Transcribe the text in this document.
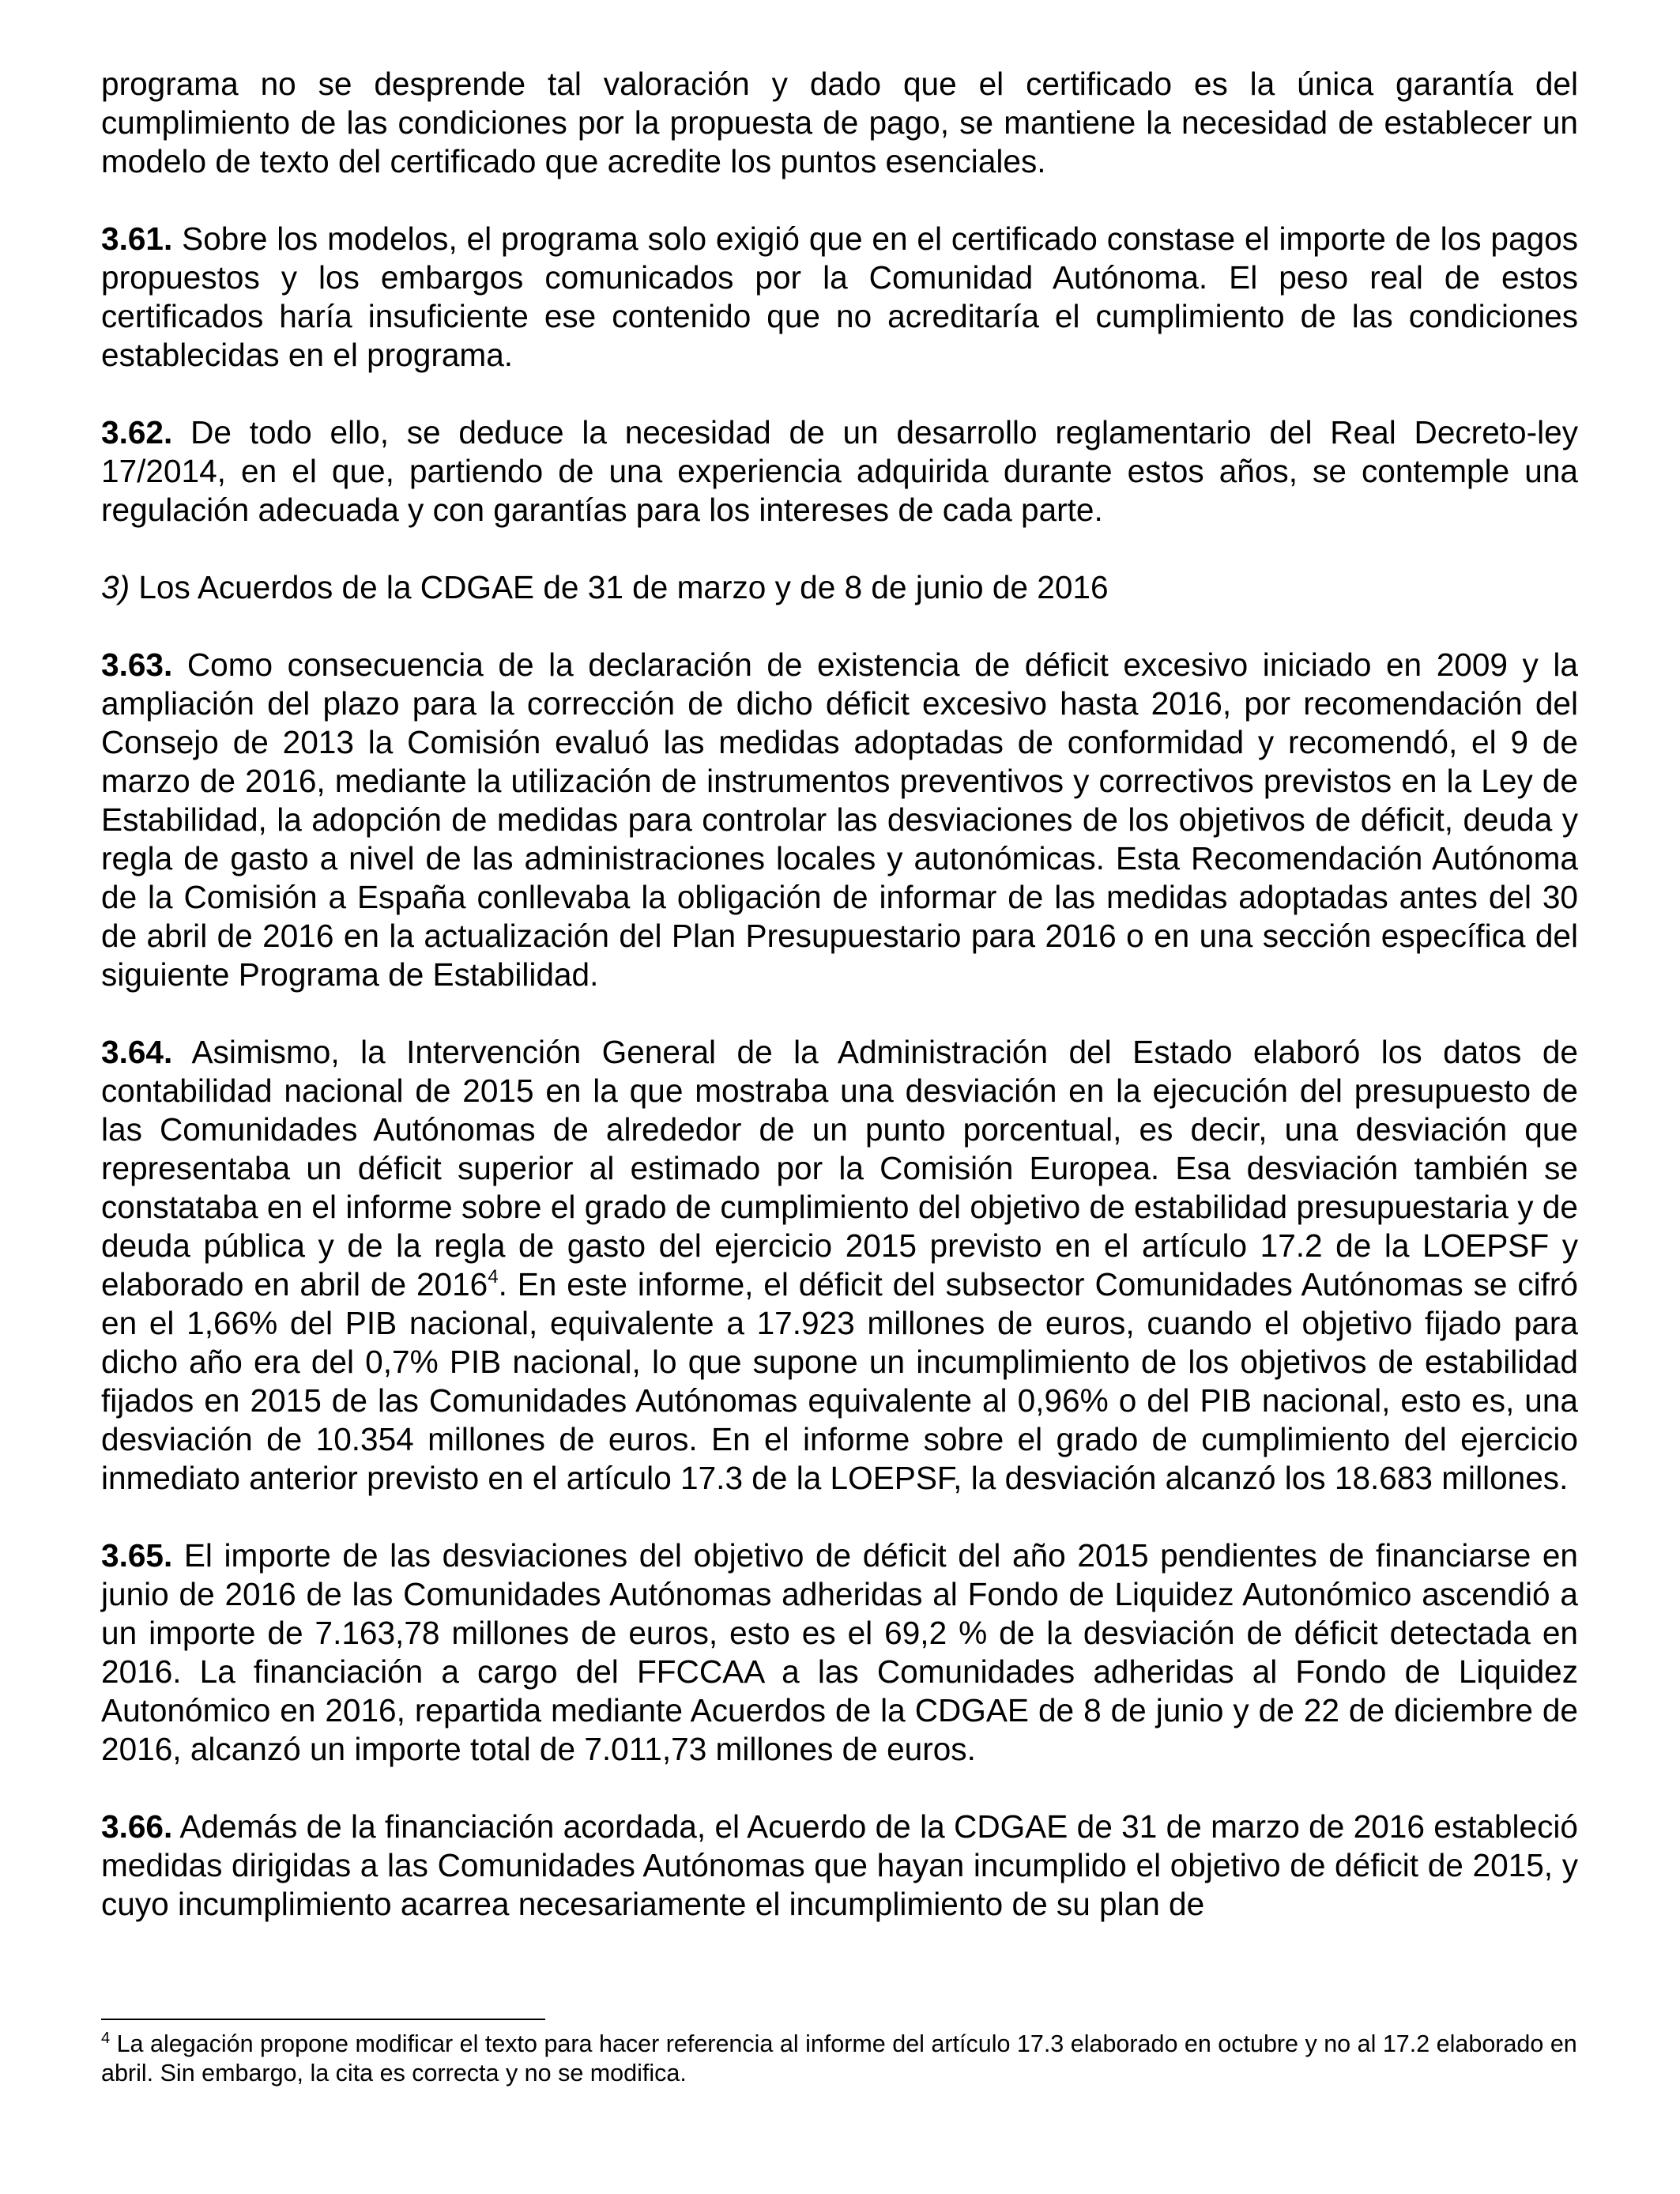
programa no se desprende tal valoración y dado que el certificado es la única garantía del cumplimiento de las condiciones por la propuesta de pago, se mantiene la necesidad de establecer un modelo de texto del certificado que acredite los puntos esenciales.

3.61. Sobre los modelos, el programa solo exigió que en el certificado constase el importe de los pagos propuestos y los embargos comunicados por la Comunidad Autónoma. El peso real de estos certificados haría insuficiente ese contenido que no acreditaría el cumplimiento de las condiciones establecidas en el programa.

3.62. De todo ello, se deduce la necesidad de un desarrollo reglamentario del Real Decreto-ley 17/2014, en el que, partiendo de una experiencia adquirida durante estos años, se contemple una regulación adecuada y con garantías para los intereses de cada parte.

3) Los Acuerdos de la CDGAE de 31 de marzo y de 8 de junio de 2016

3.63. Como consecuencia de la declaración de existencia de déficit excesivo iniciado en 2009 y la ampliación del plazo para la corrección de dicho déficit excesivo hasta 2016, por recomendación del Consejo de 2013 la Comisión evaluó las medidas adoptadas de conformidad y recomendó, el 9 de marzo de 2016, mediante la utilización de instrumentos preventivos y correctivos previstos en la Ley de Estabilidad, la adopción de medidas para controlar las desviaciones de los objetivos de déficit, deuda y regla de gasto a nivel de las administraciones locales y autonómicas. Esta Recomendación Autónoma de la Comisión a España conllevaba la obligación de informar de las medidas adoptadas antes del 30 de abril de 2016 en la actualización del Plan Presupuestario para 2016 o en una sección específica del siguiente Programa de Estabilidad.

3.64. Asimismo, la Intervención General de la Administración del Estado elaboró los datos de contabilidad nacional de 2015 en la que mostraba una desviación en la ejecución del presupuesto de las Comunidades Autónomas de alrededor de un punto porcentual, es decir, una desviación que representaba un déficit superior al estimado por la Comisión Europea. Esa desviación también se constataba en el informe sobre el grado de cumplimiento del objetivo de estabilidad presupuestaria y de deuda pública y de la regla de gasto del ejercicio 2015 previsto en el artículo 17.2 de la LOEPSF y elaborado en abril de 2016$^4$. En este informe, el déficit del subsector Comunidades Autónomas se cifró en el 1,66% del PIB nacional, equivalente a 17.923 millones de euros, cuando el objetivo fijado para dicho año era del 0,7% PIB nacional, lo que supone un incumplimiento de los objetivos de estabilidad fijados en 2015 de las Comunidades Autónomas equivalente al 0,96% o del PIB nacional, esto es, una desviación de 10.354 millones de euros. En el informe sobre el grado de cumplimiento del ejercicio inmediato anterior previsto en el artículo 17.3 de la LOEPSF, la desviación alcanzó los 18.683 millones.

3.65. El importe de las desviaciones del objetivo de déficit del año 2015 pendientes de financiarse en junio de 2016 de las Comunidades Autónomas adheridas al Fondo de Liquidez Autonómico ascendió a un importe de 7.163,78 millones de euros, esto es el 69,2 % de la desviación de déficit detectada en 2016. La financiación a cargo del FFCCAA a las Comunidades adheridas al Fondo de Liquidez Autonómico en 2016, repartida mediante Acuerdos de la CDGAE de 8 de junio y de 22 de diciembre de 2016, alcanzó un importe total de 7.011,73 millones de euros.

3.66. Además de la financiación acordada, el Acuerdo de la CDGAE de 31 de marzo de 2016 estableció medidas dirigidas a las Comunidades Autónomas que hayan incumplido el objetivo de déficit de 2015, y cuyo incumplimiento acarrea necesariamente el incumplimiento de su plan de

$^4$ La alegación propone modificar el texto para hacer referencia al informe del artículo 17.3 elaborado en octubre y no al 17.2 elaborado en abril. Sin embargo, la cita es correcta y no se modifica.
